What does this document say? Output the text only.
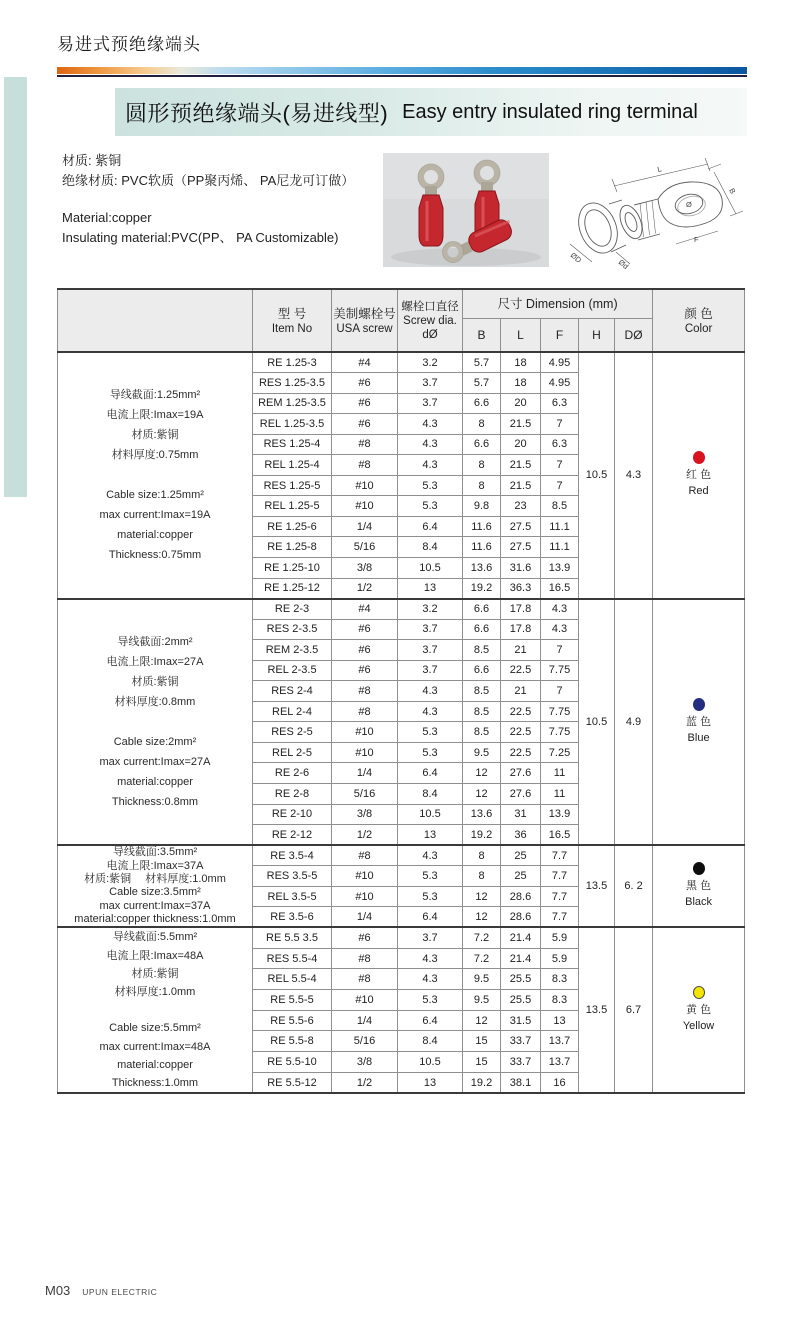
易进式预绝缘端头
圆形预绝缘端头(易进线型) Easy entry insulated ring terminal
材质: 紫铜
绝缘材质: PVC软质（PP聚丙烯、 PA尼龙可订做）
Material:copper
Insulating material:PVC(PP、 PA Customizable)
L
B
Ø
F
ØD	Ød

型 号
Item No

美制螺栓号
USA screw

螺栓口直径
Screw dia.
dØ

尺寸 Dimension (mm)

颜 色
Color

				B	L	F	H	DØ	

导线截面:1.25mm²
电流上限:Imax=19A
材质:紫铜
材料厚度:0.75mm

Cable size:1.25mm²
max current:Imax=19A
material:copper
Thickness:0.75mm
	RE 1.25-3	#4	3.2	5.7	18	4.95	10.5	4.3	红 色
Red

	RES 1.25-3.5	#6	3.7	5.7	18	4.95			
	REM 1.25-3.5	#6	3.7	6.6	20	6.3			
	REL 1.25-3.5	#6	4.3	8	21.5	7			
	RES 1.25-4	#8	4.3	6.6	20	6.3			
	REL 1.25-4	#8	4.3	8	21.5	7			
	RES 1.25-5	#10	5.3	8	21.5	7			
	REL 1.25-5	#10	5.3	9.8	23	8.5			
	RE 1.25-6	1/4	6.4	11.6	27.5	11.1			
	RE 1.25-8	5/16	8.4	11.6	27.5	11.1			
	RE 1.25-10	3/8	10.5	13.6	31.6	13.9			
	RE 1.25-12	1/2	13	19.2	36.3	16.5			

导线截面:2mm²
电流上限:Imax=27A
材质:紫铜
材料厚度:0.8mm

Cable size:2mm²
max current:Imax=27A
material:copper
Thickness:0.8mm
	RE 2-3	#4	3.2	6.6	17.8	4.3	10.5	4.9	蓝 色
Blue

	RES 2-3.5	#6	3.7	6.6	17.8	4.3			
	REM 2-3.5	#6	3.7	8.5	21	7			
	REL 2-3.5	#6	3.7	6.6	22.5	7.75			
	RES 2-4	#8	4.3	8.5	21	7			
	REL 2-4	#8	4.3	8.5	22.5	7.75			
	RES 2-5	#10	5.3	8.5	22.5	7.75			
	REL 2-5	#10	5.3	9.5	22.5	7.25			
	RE 2-6	1/4	6.4	12	27.6	11			
	RE 2-8	5/16	8.4	12	27.6	11			
	RE 2-10	3/8	10.5	13.6	31	13.9			
	RE 2-12	1/2	13	19.2	36	16.5			

导线截面:3.5mm²
电流上限:Imax=37A
材质:紫铜　 材料厚度:1.0mm
Cable size:3.5mm²
max current:Imax=37A
material:copper thickness:1.0mm
	RE 3.5-4	#8	4.3	8	25	7.7	13.5	6. 2	黑 色
Black

	RES 3.5-5	#10	5.3	8	25	7.7			
	REL 3.5-5	#10	5.3	12	28.6	7.7			
	RE 3.5-6	1/4	6.4	12	28.6	7.7			

导线截面:5.5mm²
电流上限:Imax=48A
材质:紫铜
材料厚度:1.0mm

Cable size:5.5mm²
max current:Imax=48A
material:copper
Thickness:1.0mm
	RE 5.5 3.5	#6	3.7	7.2	21.4	5.9	13.5	6.7	黄 色
Yellow

	RES 5.5-4	#8	4.3	7.2	21.4	5.9			
	REL 5.5-4	#8	4.3	9.5	25.5	8.3			
	RE 5.5-5	#10	5.3	9.5	25.5	8.3			
	RE 5.5-6	1/4	6.4	12	31.5	13			
	RE 5.5-8	5/16	8.4	15	33.7	13.7			
	RE 5.5-10	3/8	10.5	15	33.7	13.7			
	RE 5.5-12	1/2	13	19.2	38.1	16			
M03 UPUN ELECTRIC
